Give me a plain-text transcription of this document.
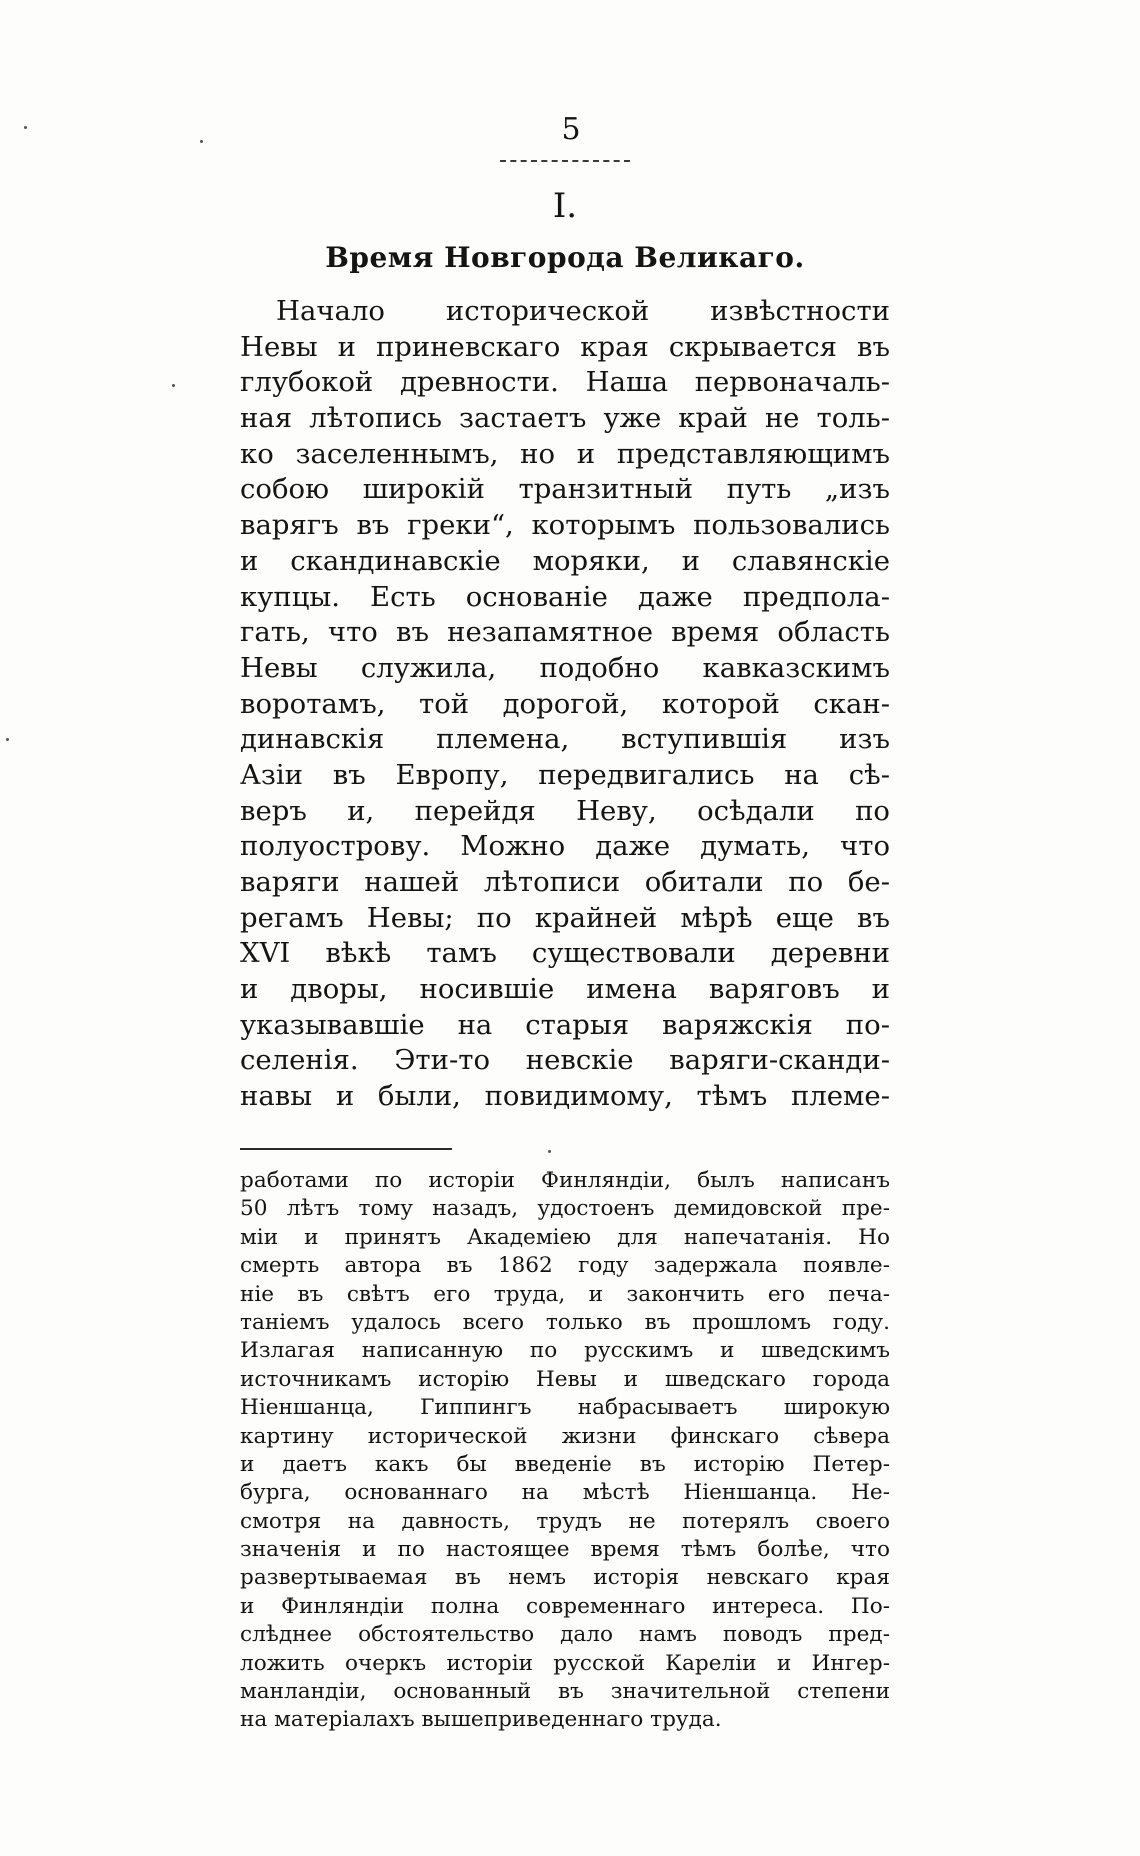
5
I.
Время Новгорода Великаго.
Начало исторической извѣстности
Невы и приневскаго края скрывается въ
глубокой древности. Наша первоначаль-
ная лѣтопись застаетъ уже край не толь-
ко заселеннымъ, но и представляющимъ
собою широкій транзитный путь „изъ
варягъ въ греки“, которымъ пользовались
и скандинавскіе моряки, и славянскіе
купцы. Есть основаніе даже предпола-
гать, что въ незапамятное время область
Невы служила, подобно кавказскимъ
воротамъ, той дорогой, которой скан-
динавскія племена, вступившія изъ
Азіи въ Европу, передвигались на сѣ-
веръ и, перейдя Неву, осѣдали по
полуострову. Можно даже думать, что
варяги нашей лѣтописи обитали по бе-
регамъ Невы; по крайней мѣрѣ еще въ
XVI вѣкѣ тамъ существовали деревни
и дворы, носившіе имена варяговъ и
указывавшіе на старыя варяжскія по-
селенія. Эти-то невскіе варяги-сканди-
навы и были, повидимому, тѣмъ племе-
работами по исторіи Финляндіи, былъ написанъ
50 лѣтъ тому назадъ, удостоенъ демидовской пре-
міи и принятъ Академіею для напечатанія. Но
смерть автора въ 1862 году задержала появле-
ніе въ свѣтъ его труда, и закончить его печа-
таніемъ удалось всего только въ прошломъ году.
Излагая написанную по русскимъ и шведскимъ
источникамъ исторію Невы и шведскаго города
Ніеншанца, Гиппингъ набрасываетъ широкую
картину исторической жизни финскаго сѣвера
и даетъ какъ бы введеніе въ исторію Петер-
бурга, основаннаго на мѣстѣ Ніеншанца. Не-
смотря на давность, трудъ не потерялъ своего
значенія и по настоящее время тѣмъ болѣе, что
развертываемая въ немъ исторія невскаго края
и Финляндіи полна современнаго интереса. По-
слѣднее обстоятельство дало намъ поводъ пред-
ложить очеркъ исторіи русской Кареліи и Ингер-
манландіи, основанный въ значительной степени
на матеріалахъ вышеприведеннаго труда.
